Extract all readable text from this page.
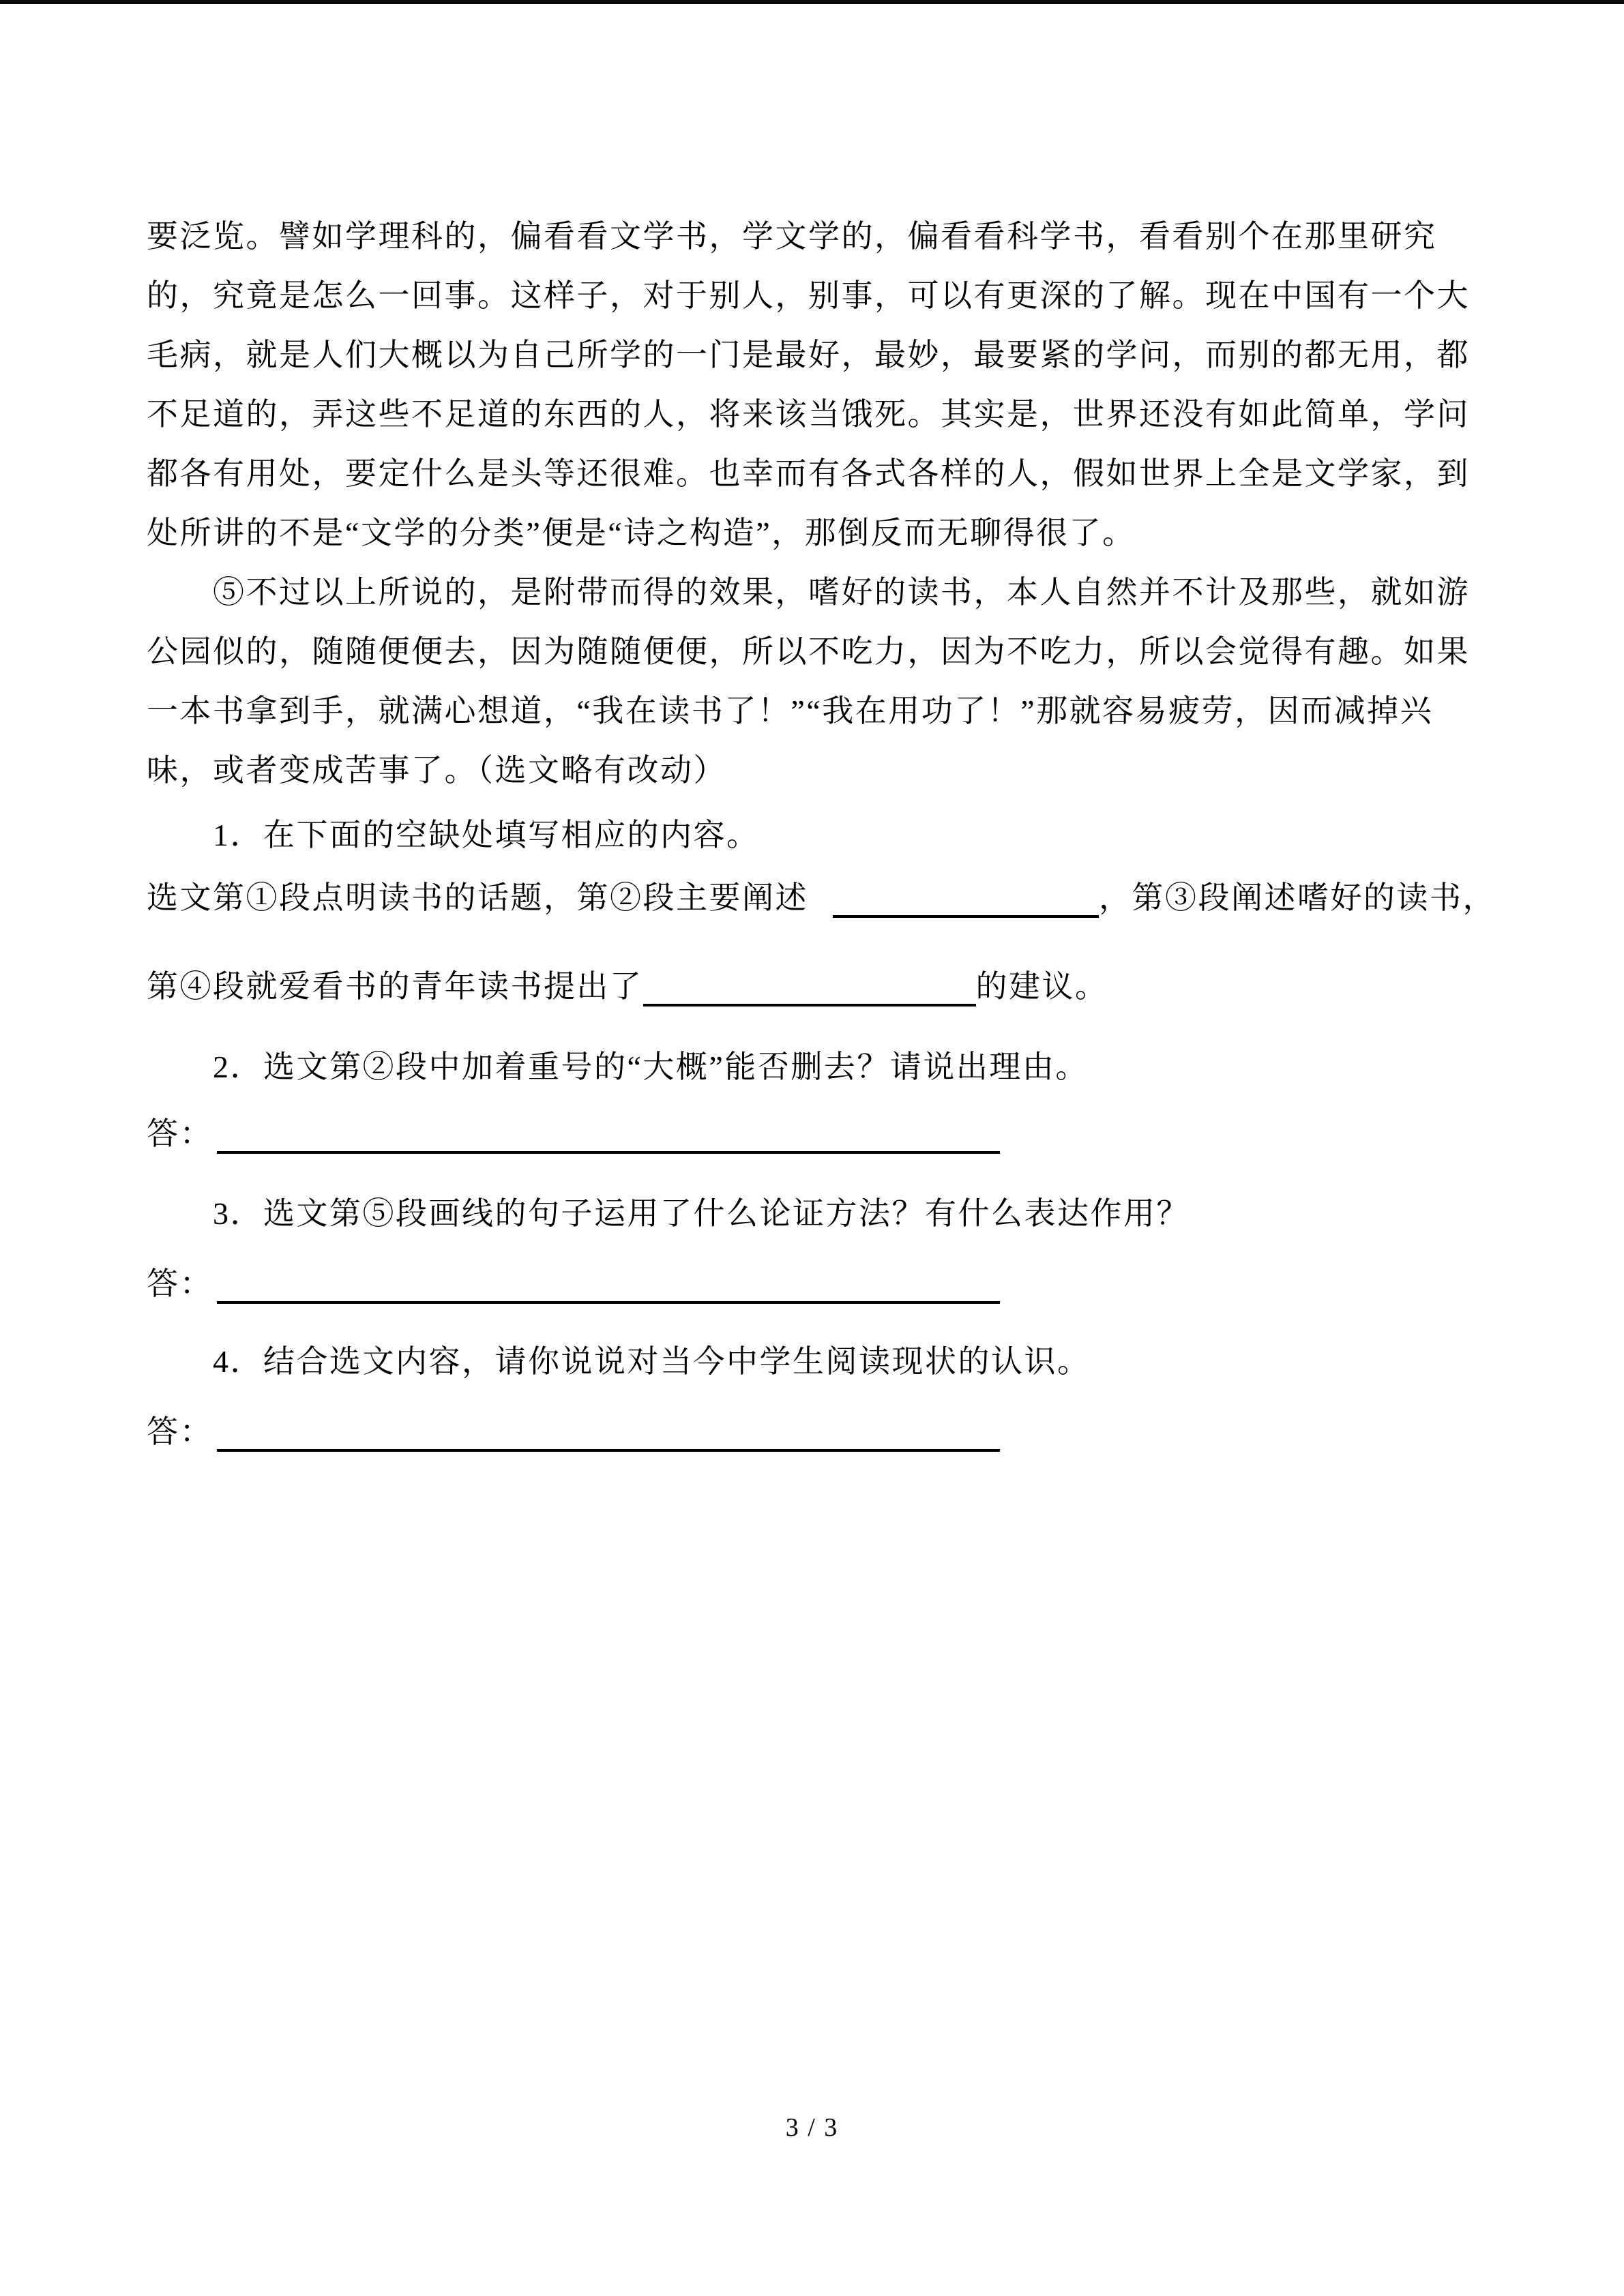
要泛览。譬如学理科的，偏看看文学书，学文学的，偏看看科学书，看看别个在那里研究
的，究竟是怎么一回事。这样子，对于别人，别事，可以有更深的了解。现在中国有一个大
毛病，就是人们大概以为自己所学的一门是最好，最妙，最要紧的学问，而别的都无用，都
不足道的，弄这些不足道的东西的人，将来该当饿死。其实是，世界还没有如此简单，学问
都各有用处，要定什么是头等还很难。也幸而有各式各样的人，假如世界上全是文学家，到
处所讲的不是“文学的分类”便是“诗之构造”，那倒反而无聊得很了。
⑤不过以上所说的，是附带而得的效果，嗜好的读书，本人自然并不计及那些，就如游
公园似的，随随便便去，因为随随便便，所以不吃力，因为不吃力，所以会觉得有趣。如果
一本书拿到手，就满心想道，“我在读书了！”“我在用功了！”那就容易疲劳，因而减掉兴
味，或者变成苦事了。（选文略有改动）
1．在下面的空缺处填写相应的内容。
选文第①段点明读书的话题，第②段主要阐述	，第③段阐述嗜好的读书，
第④段就爱看书的青年读书提出了	的建议。
2．选文第②段中加着重号的“大概”能否删去？请说出理由。
答：
3．选文第⑤段画线的句子运用了什么论证方法？有什么表达作用？
答：
4．结合选文内容，请你说说对当今中学生阅读现状的认识。
答：
3 / 3
